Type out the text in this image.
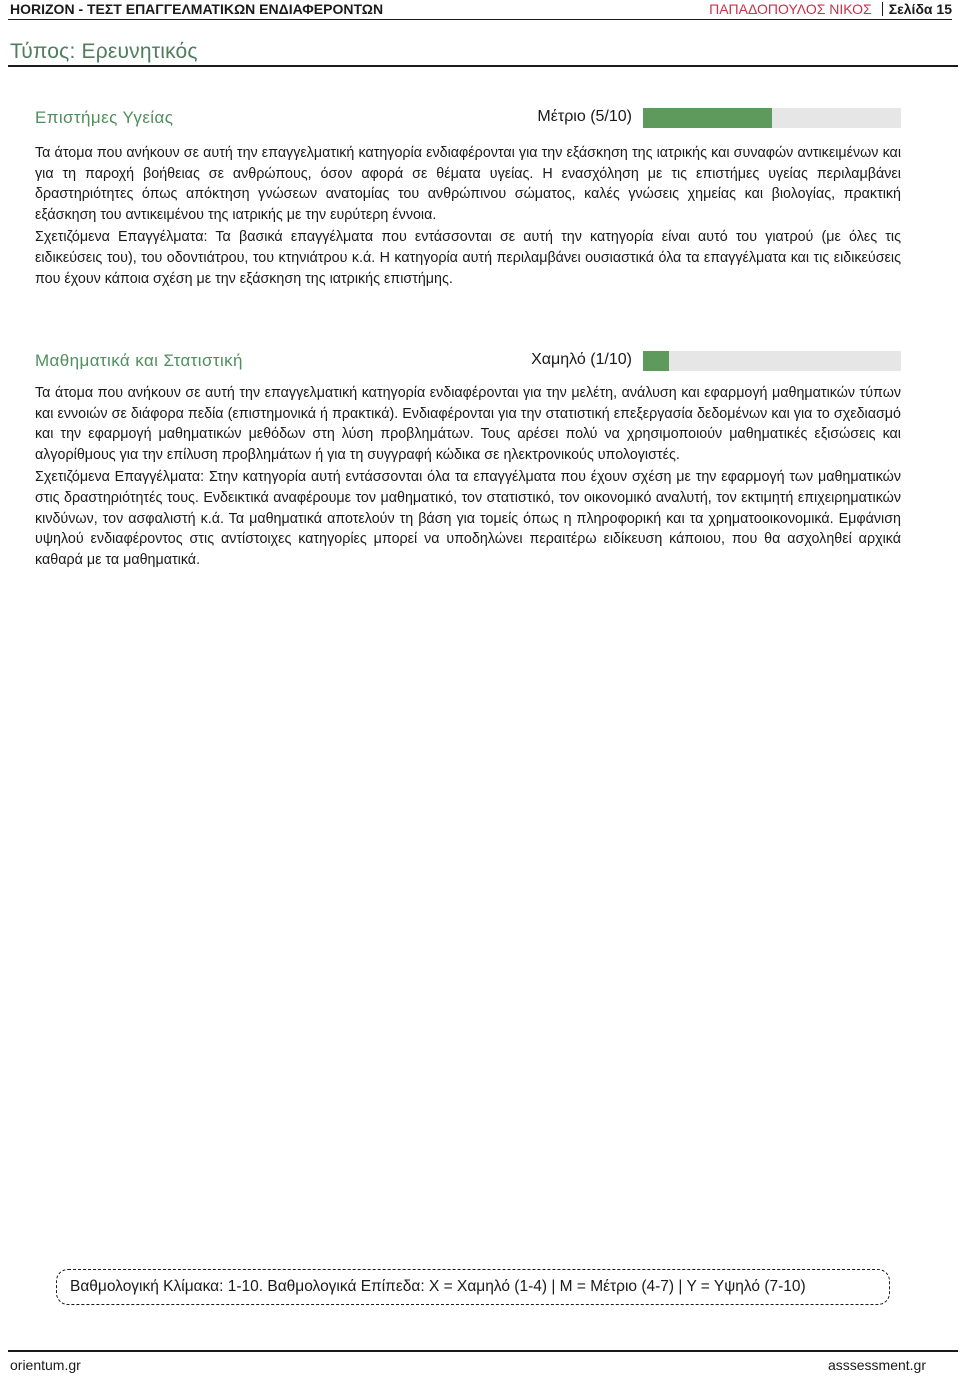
HORIZON - ΤΕΣΤ ΕΠΑΓΓΕΛΜΑΤΙΚΩΝ ΕΝΔΙΑΦΕΡΟΝΤΩΝ	ΠΑΠΑΔΟΠΟΥΛΟΣ ΝΙΚΟΣ Σελίδα 15
Τύπος: Ερευνητικός
Επιστήμες Υγείας	Μέτριο (5/10)

Τα άτομα που ανήκουν σε αυτή την επαγγελματική κατηγορία ενδιαφέρονται για την εξάσκηση της ιατρικής και συναφών αντικειμένων και για τη παροχή βοήθειας σε ανθρώπους, όσον αφορά σε θέματα υγείας. Η ενασχόληση με τις επιστήμες υγείας περιλαμβάνει δραστηριότητες όπως απόκτηση γνώσεων ανατομίας του ανθρώπινου σώματος, καλές γνώσεις χημείας και βιολογίας, πρακτική εξάσκηση του αντικειμένου της ιατρικής με την ευρύτερη έννοια.

Σχετιζόμενα Επαγγέλματα: Τα βασικά επαγγέλματα που εντάσσονται σε αυτή την κατηγορία είναι αυτό του γιατρού (με όλες τις ειδικεύσεις του), του οδοντιάτρου, του κτηνιάτρου κ.ά. Η κατηγορία αυτή περιλαμβάνει ουσιαστικά όλα τα επαγγέλματα και τις ειδικεύσεις που έχουν κάποια σχέση με την εξάσκηση της ιατρικής επιστήμης.

Μαθηματικά και Στατιστική	Χαμηλό (1/10)

Τα άτομα που ανήκουν σε αυτή την επαγγελματική κατηγορία ενδιαφέρονται για την μελέτη, ανάλυση και εφαρμογή μαθηματικών τύπων και εννοιών σε διάφορα πεδία (επιστημονικά ή πρακτικά). Ενδιαφέρονται για την στατιστική επεξεργασία δεδομένων και για το σχεδιασμό και την εφαρμογή μαθηματικών μεθόδων στη λύση προβλημάτων. Τους αρέσει πολύ να χρησιμοποιούν μαθηματικές εξισώσεις και αλγορίθμους για την επίλυση προβλημάτων ή για τη συγγραφή κώδικα σε ηλεκτρονικούς υπολογιστές.

Σχετιζόμενα Επαγγέλματα: Στην κατηγορία αυτή εντάσσονται όλα τα επαγγέλματα που έχουν σχέση με την εφαρμογή των μαθηματικών στις δραστηριότητές τους. Ενδεικτικά αναφέρουμε τον μαθηματικό, τον στατιστικό, τον οικονομικό αναλυτή, τον εκτιμητή επιχειρηματικών κινδύνων, τον ασφαλιστή κ.ά. Τα μαθηματικά αποτελούν τη βάση για τομείς όπως η πληροφορική και τα χρηματοοικονομικά. Εμφάνιση υψηλού ενδιαφέροντος στις αντίστοιχες κατηγορίες μπορεί να υποδηλώνει περαιτέρω ειδίκευση κάποιου, που θα ασχοληθεί αρχικά καθαρά με τα μαθηματικά.

Βαθμολογική Κλίμακα: 1-10. Βαθμολογικά Επίπεδα: Χ = Χαμηλό (1-4) | Μ = Μέτριο (4-7) | Υ = Υψηλό (7-10)
orientum.gr	asssessment.gr
